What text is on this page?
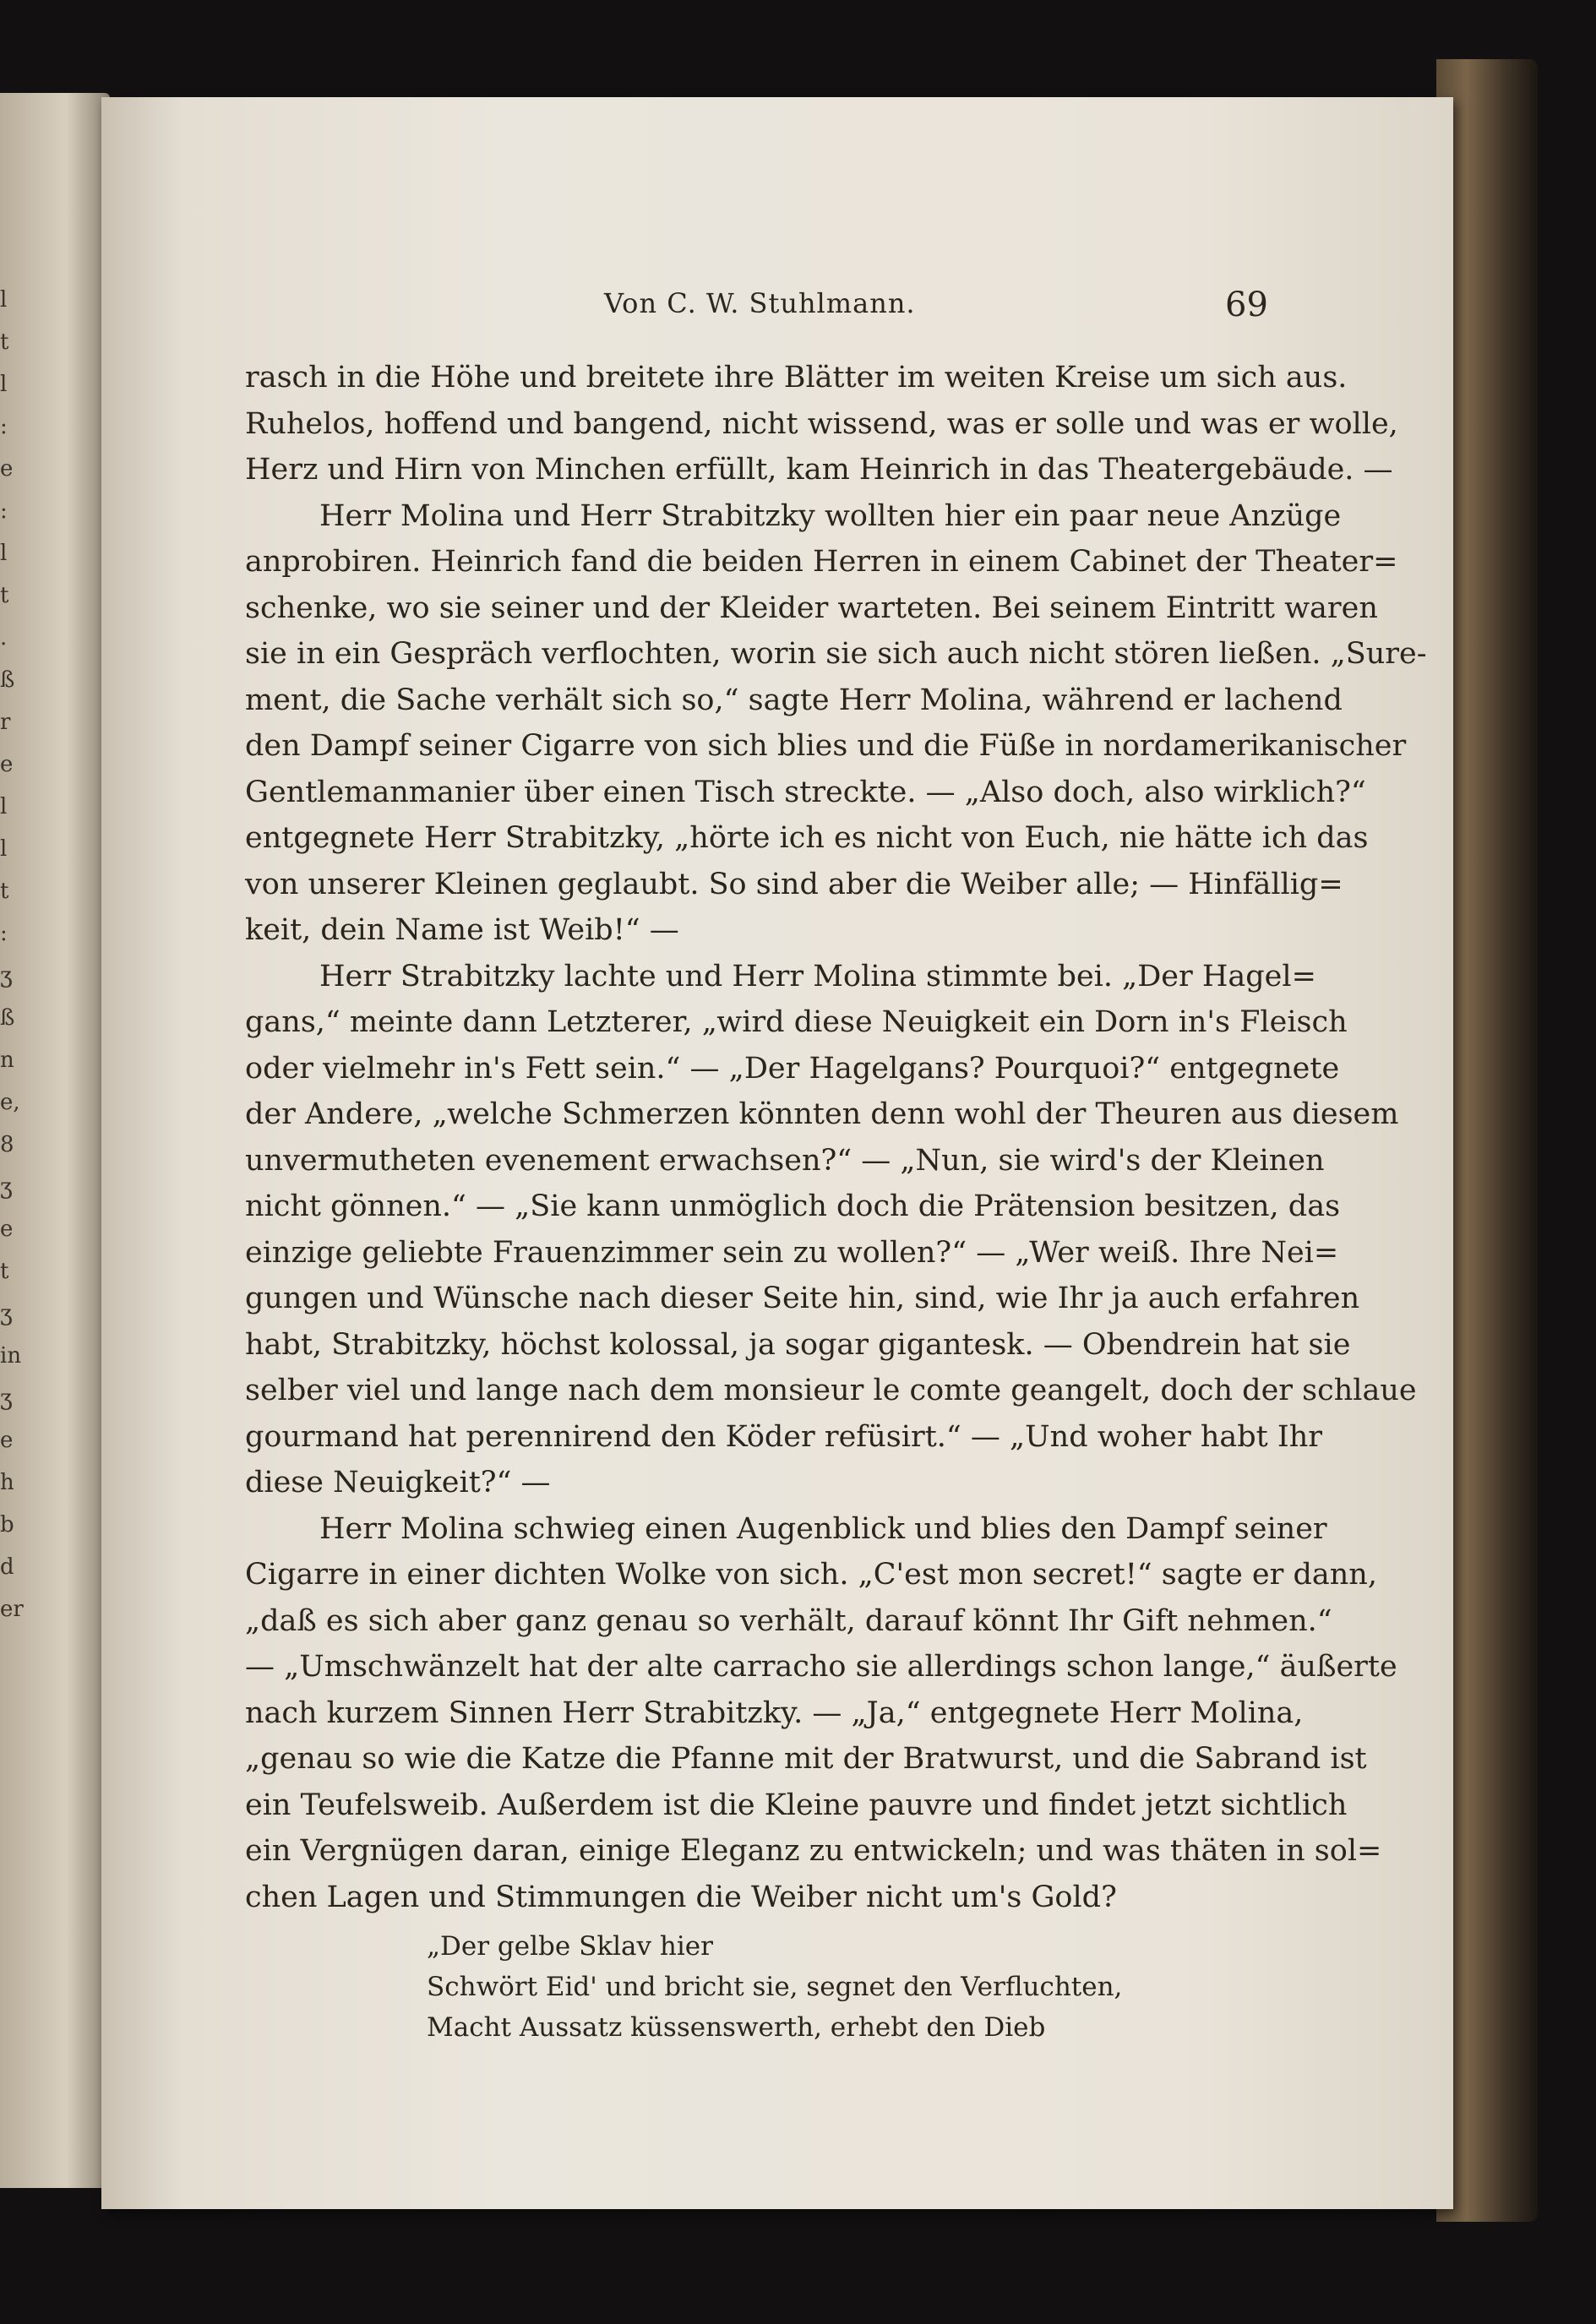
l
t
l
:
e
:
l
t
.
ß
r
e
l
l
t
:
ʒ
ß
n
e,
8
ʒ
e
t
ʒ
in
ʒ
e
h
b
d
er
Von C. W. Stuhlmann.	69
rasch in die Höhe und breitete ihre Blätter im weiten Kreise um sich aus.
Ruhelos, hoffend und bangend, nicht wissend, was er solle und was er wolle,
Herz und Hirn von Minchen erfüllt, kam Heinrich in das Theatergebäude. —
Herr Molina und Herr Strabitzky wollten hier ein paar neue Anzüge
anprobiren. Heinrich fand die beiden Herren in einem Cabinet der Theater=
schenke, wo sie seiner und der Kleider warteten. Bei seinem Eintritt waren
sie in ein Gespräch verflochten, worin sie sich auch nicht stören ließen. „Sure-
ment, die Sache verhält sich so,“ sagte Herr Molina, während er lachend
den Dampf seiner Cigarre von sich blies und die Füße in nordamerikanischer
Gentlemanmanier über einen Tisch streckte. — „Also doch, also wirklich?“
entgegnete Herr Strabitzky, „hörte ich es nicht von Euch, nie hätte ich das
von unserer Kleinen geglaubt. So sind aber die Weiber alle; — Hinfällig=
keit, dein Name ist Weib!“ —
Herr Strabitzky lachte und Herr Molina stimmte bei. „Der Hagel=
gans,“ meinte dann Letzterer, „wird diese Neuigkeit ein Dorn in's Fleisch
oder vielmehr in's Fett sein.“ — „Der Hagelgans? Pourquoi?“ entgegnete
der Andere, „welche Schmerzen könnten denn wohl der Theuren aus diesem
unvermutheten evenement erwachsen?“ — „Nun, sie wird's der Kleinen
nicht gönnen.“ — „Sie kann unmöglich doch die Prätension besitzen, das
einzige geliebte Frauenzimmer sein zu wollen?“ — „Wer weiß. Ihre Nei=
gungen und Wünsche nach dieser Seite hin, sind, wie Ihr ja auch erfahren
habt, Strabitzky, höchst kolossal, ja sogar gigantesk. — Obendrein hat sie
selber viel und lange nach dem monsieur le comte geangelt, doch der schlaue
gourmand hat perennirend den Köder refüsirt.“ — „Und woher habt Ihr
diese Neuigkeit?“ —
Herr Molina schwieg einen Augenblick und blies den Dampf seiner
Cigarre in einer dichten Wolke von sich. „C'est mon secret!“ sagte er dann,
„daß es sich aber ganz genau so verhält, darauf könnt Ihr Gift nehmen.“
— „Umschwänzelt hat der alte carracho sie allerdings schon lange,“ äußerte
nach kurzem Sinnen Herr Strabitzky. — „Ja,“ entgegnete Herr Molina,
„genau so wie die Katze die Pfanne mit der Bratwurst, und die Sabrand ist
ein Teufelsweib. Außerdem ist die Kleine pauvre und findet jetzt sichtlich
ein Vergnügen daran, einige Eleganz zu entwickeln; und was thäten in sol=
chen Lagen und Stimmungen die Weiber nicht um's Gold?
„Der gelbe Sklav hier
Schwört Eid' und bricht sie, segnet den Verfluchten,
Macht Aussatz küssenswerth, erhebt den Dieb
